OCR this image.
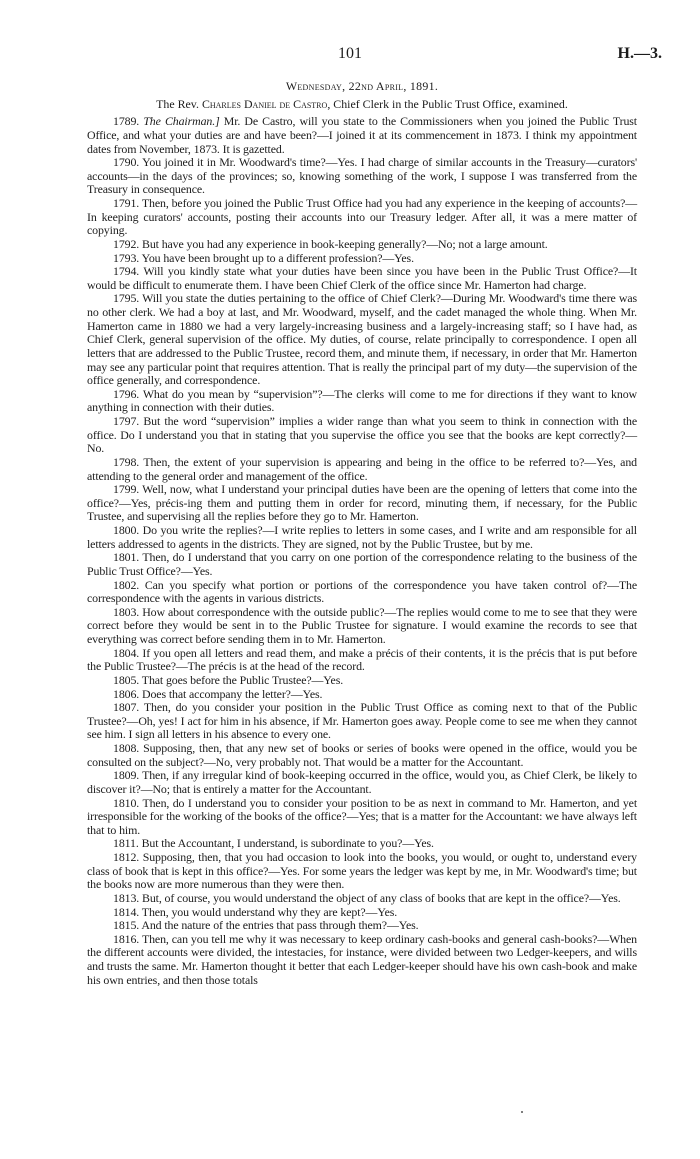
101	H.—3.
Wednesday, 22nd April, 1891.
The Rev. Charles Daniel de Castro, Chief Clerk in the Public Trust Office, examined.

1789. The Chairman.] Mr. De Castro, will you state to the Commissioners when you joined the Public Trust Office, and what your duties are and have been?—I joined it at its commencement in 1873. I think my appointment dates from November, 1873. It is gazetted.

1790. You joined it in Mr. Woodward's time?—Yes. I had charge of similar accounts in the Treasury—curators' accounts—in the days of the provinces; so, knowing something of the work, I suppose I was transferred from the Treasury in consequence.

1791. Then, before you joined the Public Trust Office had you had any experience in the keeping of accounts?—In keeping curators' accounts, posting their accounts into our Treasury ledger. After all, it was a mere matter of copying.

1792. But have you had any experience in book-keeping generally?—No; not a large amount.

1793. You have been brought up to a different profession?—Yes.

1794. Will you kindly state what your duties have been since you have been in the Public Trust Office?—It would be difficult to enumerate them. I have been Chief Clerk of the office since Mr. Hamerton had charge.

1795. Will you state the duties pertaining to the office of Chief Clerk?—During Mr. Woodward's time there was no other clerk. We had a boy at last, and Mr. Woodward, myself, and the cadet managed the whole thing. When Mr. Hamerton came in 1880 we had a very largely-increasing business and a largely-increasing staff; so I have had, as Chief Clerk, general supervision of the office. My duties, of course, relate principally to correspondence. I open all letters that are addressed to the Public Trustee, record them, and minute them, if necessary, in order that Mr. Hamerton may see any particular point that requires attention. That is really the principal part of my duty—the supervision of the office generally, and correspondence.

1796. What do you mean by “supervision”?—The clerks will come to me for directions if they want to know anything in connection with their duties.

1797. But the word “supervision” implies a wider range than what you seem to think in connection with the office. Do I understand you that in stating that you supervise the office you see that the books are kept correctly?—No.

1798. Then, the extent of your supervision is appearing and being in the office to be referred to?—Yes, and attending to the general order and management of the office.

1799. Well, now, what I understand your principal duties have been are the opening of letters that come into the office?—Yes, précis-ing them and putting them in order for record, minuting them, if necessary, for the Public Trustee, and supervising all the replies before they go to Mr. Hamerton.

1800. Do you write the replies?—I write replies to letters in some cases, and I write and am responsible for all letters addressed to agents in the districts. They are signed, not by the Public Trustee, but by me.

1801. Then, do I understand that you carry on one portion of the correspondence relating to the business of the Public Trust Office?—Yes.

1802. Can you specify what portion or portions of the correspondence you have taken control of?—The correspondence with the agents in various districts.

1803. How about correspondence with the outside public?—The replies would come to me to see that they were correct before they would be sent in to the Public Trustee for signature. I would examine the records to see that everything was correct before sending them in to Mr. Hamerton.

1804. If you open all letters and read them, and make a précis of their contents, it is the précis that is put before the Public Trustee?—The précis is at the head of the record.

1805. That goes before the Public Trustee?—Yes.

1806. Does that accompany the letter?—Yes.

1807. Then, do you consider your position in the Public Trust Office as coming next to that of the Public Trustee?—Oh, yes! I act for him in his absence, if Mr. Hamerton goes away. People come to see me when they cannot see him. I sign all letters in his absence to every one.

1808. Supposing, then, that any new set of books or series of books were opened in the office, would you be consulted on the subject?—No, very probably not. That would be a matter for the Accountant.

1809. Then, if any irregular kind of book-keeping occurred in the office, would you, as Chief Clerk, be likely to discover it?—No; that is entirely a matter for the Accountant.

1810. Then, do I understand you to consider your position to be as next in command to Mr. Hamerton, and yet irresponsible for the working of the books of the office?—Yes; that is a matter for the Accountant: we have always left that to him.

1811. But the Accountant, I understand, is subordinate to you?—Yes.

1812. Supposing, then, that you had occasion to look into the books, you would, or ought to, understand every class of book that is kept in this office?—Yes. For some years the ledger was kept by me, in Mr. Woodward's time; but the books now are more numerous than they were then.

1813. But, of course, you would understand the object of any class of books that are kept in the office?—Yes.

1814. Then, you would understand why they are kept?—Yes.

1815. And the nature of the entries that pass through them?—Yes.

1816. Then, can you tell me why it was necessary to keep ordinary cash-books and general cash-books?—When the different accounts were divided, the intestacies, for instance, were divided between two Ledger-keepers, and wills and trusts the same. Mr. Hamerton thought it better that each Ledger-keeper should have his own cash-book and make his own entries, and then those totals
